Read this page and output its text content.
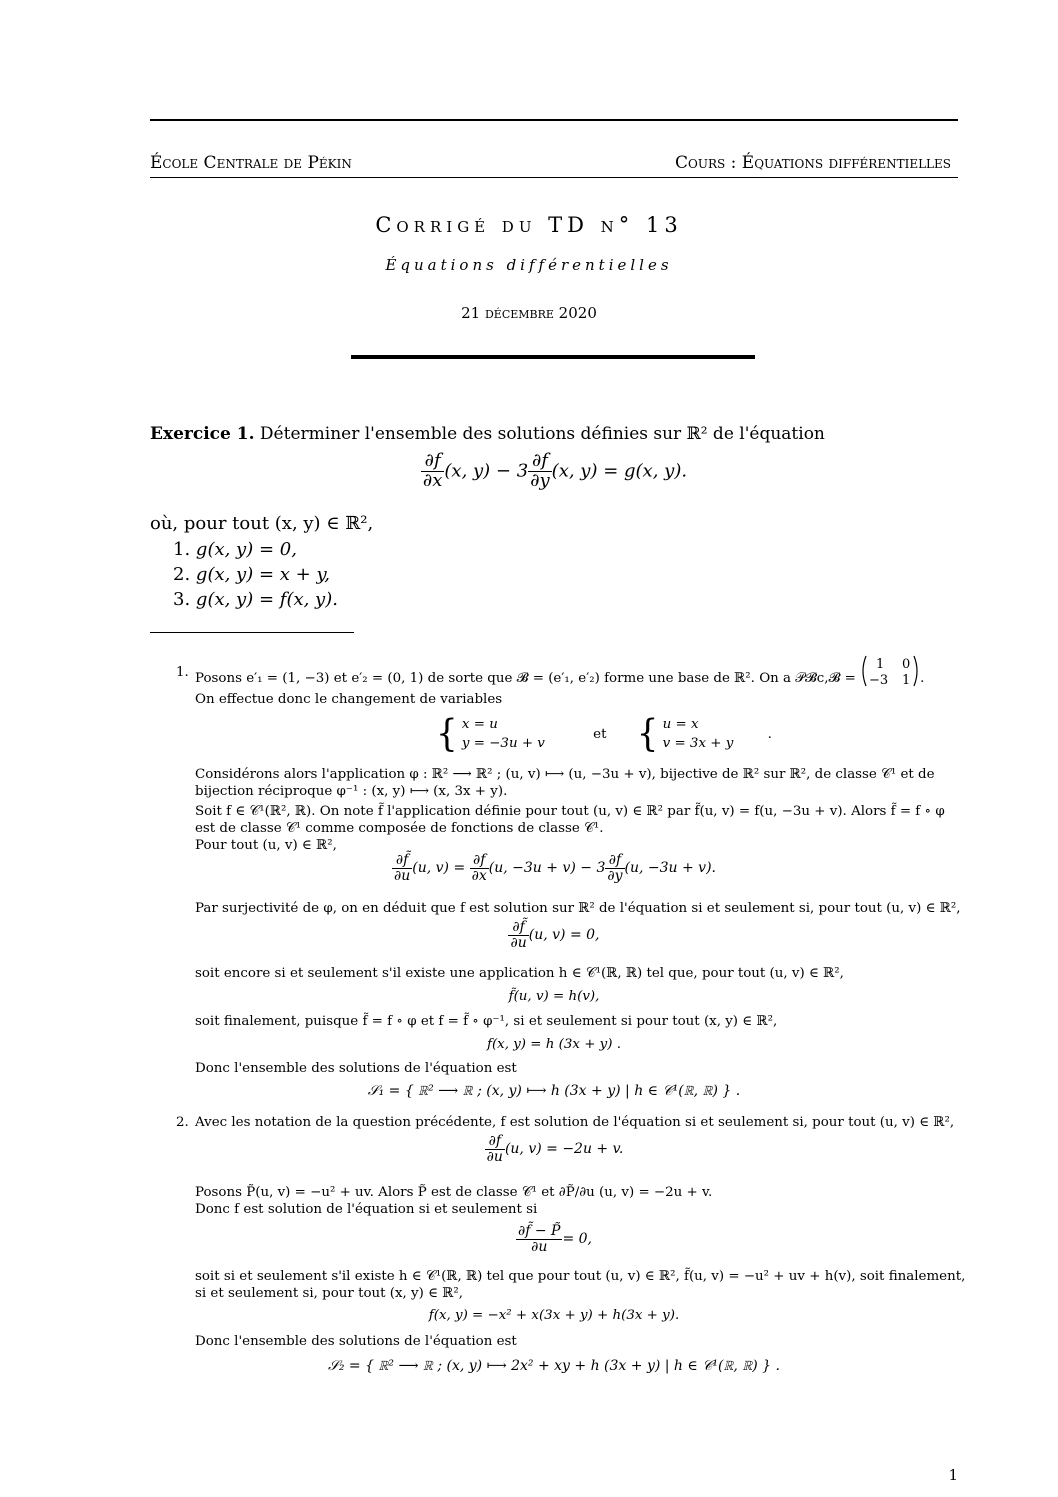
École Centrale de Pékin	Cours : Équations différentielles
Corrigé du TD n° 13
Équations différentielles
21 décembre 2020
Exercice 1. Déterminer l'ensemble des solutions définies sur ℝ² de l'équation
$\frac{\partial f}{\partial x} (x$, $y) - 3 \frac{\partial f}{\partial y} (x$, y) = g(x, y).
où, pour tout (x, y) ∈ ℝ²,
1. g(x, y) = 0,
2. g(x, y) = x + y,
3. g(x, y) = f(x, y).
1. Posons e′₁ = (1, −3) et e′₂ = (0, 1) de sorte que 𝓑 = (e′₁, e′₂) forme une base de ℝ². On a 𝒫𝓑c,𝓑 =
1 0
−3 1 .
On effectue donc le changement de variables
{ x = u
y = −3u + v et { u = x
v = 3x + y .
Considérons alors l'application φ : ℝ² ⟶ ℝ² ; (u, v) ⟼ (u, −3u + v), bijective de ℝ² sur ℝ², de classe 𝒞¹ et de
bijection réciproque φ⁻¹ : (x, y) ⟼ (x, 3x + y).
Soit f ∈ 𝒞¹(ℝ², ℝ). On note f̃ l'application définie pour tout (u, v) ∈ ℝ² par f̃(u, v) = f(u, −3u + v). Alors f̃ = f ∘ φ
est de classe 𝒞¹ comme composée de fonctions de classe 𝒞¹.
Pour tout (u, v) ∈ ℝ²,
$\frac{\partial f̃}{\partial u} (u$, $v) = \frac{\partial f}{\partial x} (u$, $-3u + v) - 3 \frac{\partial f}{\partial y} (u$, −3u + v).
Par surjectivité de φ, on en déduit que f est solution sur ℝ² de l'équation si et seulement si, pour tout (u, v) ∈ ℝ²,
$\frac{\partial f̃}{\partial u} (u$, v) = 0,
soit encore si et seulement s'il existe une application h ∈ 𝒞¹(ℝ, ℝ) tel que, pour tout (u, v) ∈ ℝ²,
f̃(u, v) = h(v),
soit finalement, puisque f̃ = f ∘ φ et f = f̃ ∘ φ⁻¹, si et seulement si pour tout (x, y) ∈ ℝ²,
f(x, y) = h (3x + y) .
Donc l'ensemble des solutions de l'équation est
𝒮₁ = { ℝ² ⟶ ℝ ; (x, y) ⟼ h (3x + y) | h ∈ 𝒞¹(ℝ, ℝ) } .
2. Avec les notation de la question précédente, f est solution de l'équation si et seulement si, pour tout (u, v) ∈ ℝ²,
$\frac{\partial f}{\partial u} (u$, v) = −2u + v.
Posons P̃(u, v) = −u² + uv. Alors P̃ est de classe 𝒞¹ et ∂P̃/∂u (u, v) = −2u + v.
Donc f est solution de l'équation si et seulement si
$\frac{\partial f̃ - P̃}{\partial u} = 0$,
soit si et seulement s'il existe h ∈ 𝒞¹(ℝ, ℝ) tel que pour tout (u, v) ∈ ℝ², f̃(u, v) = −u² + uv + h(v), soit finalement,
si et seulement si, pour tout (x, y) ∈ ℝ²,
f(x, y) = −x² + x(3x + y) + h(3x + y).
Donc l'ensemble des solutions de l'équation est
𝒮₂ = { ℝ² ⟶ ℝ ; (x, y) ⟼ 2x² + xy + h (3x + y) | h ∈ 𝒞¹(ℝ, ℝ) } .
1
